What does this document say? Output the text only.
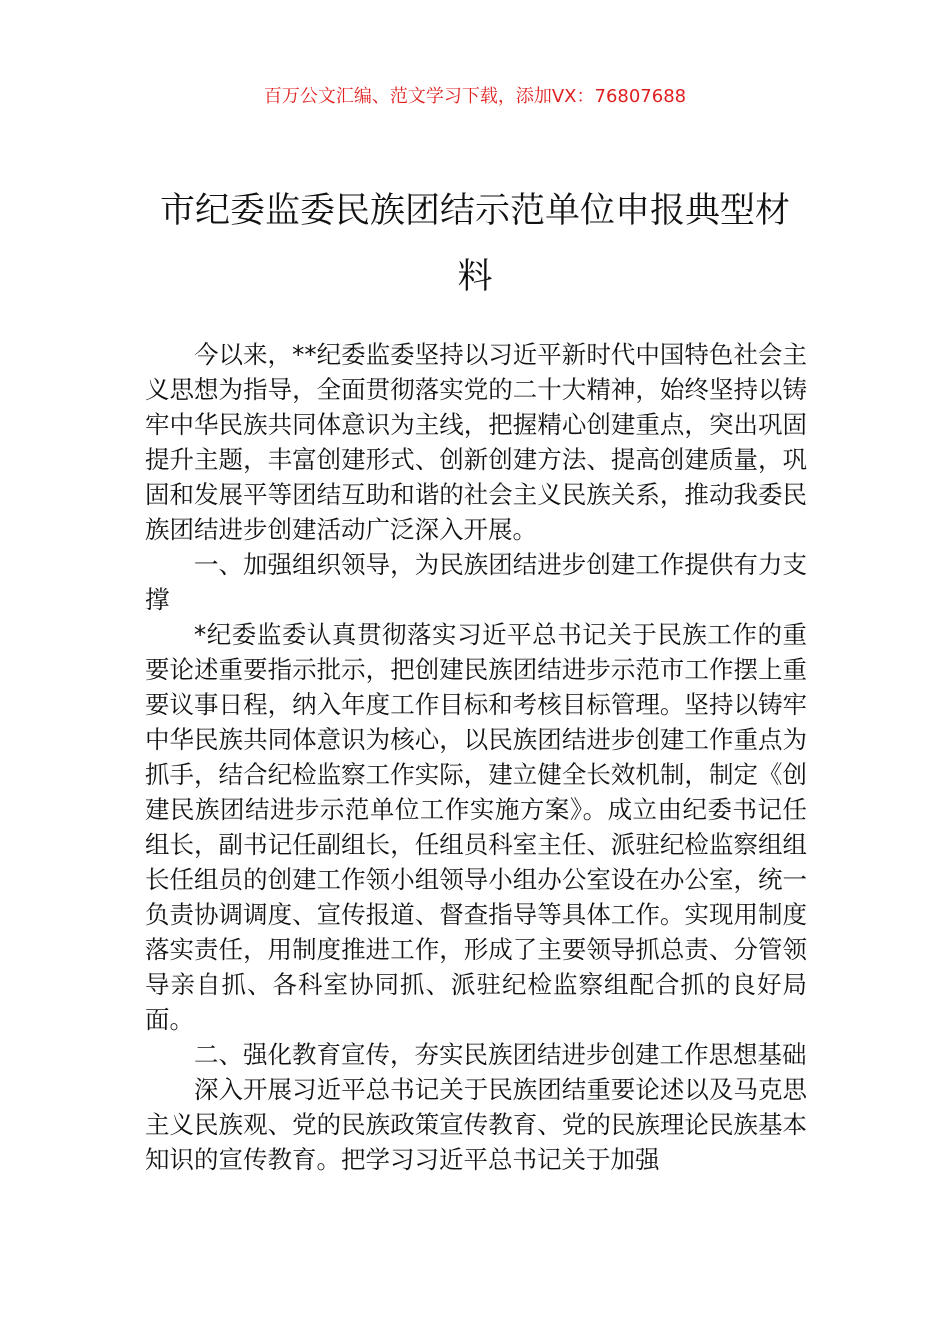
百万公文汇编、范文学习下载，添加VX：76807688
市纪委监委民族团结示范单位申报典型材料

今以来，**纪委监委坚持以习近平新时代中国特色社会主义思想为指导，全面贯彻落实党的二十大精神，始终坚持以铸牢中华民族共同体意识为主线，把握精心创建重点，突出巩固提升主题，丰富创建形式、创新创建方法、提高创建质量，巩固和发展平等团结互助和谐的社会主义民族关系，推动我委民族团结进步创建活动广泛深入开展。

一、加强组织领导，为民族团结进步创建工作提供有力支撑

*纪委监委认真贯彻落实习近平总书记关于民族工作的重要论述重要指示批示，把创建民族团结进步示范市工作摆上重要议事日程，纳入年度工作目标和考核目标管理。坚持以铸牢中华民族共同体意识为核心，以民族团结进步创建工作重点为抓手，结合纪检监察工作实际，建立健全长效机制，制定《创建民族团结进步示范单位工作实施方案》。成立由纪委书记任组长，副书记任副组长，任组员科室主任、派驻纪检监察组组长任组员的创建工作领小组领导小组办公室设在办公室，统一负责协调调度、宣传报道、督查指导等具体工作。实现用制度落实责任，用制度推进工作，形成了主要领导抓总责、分管领导亲自抓、各科室协同抓、派驻纪检监察组配合抓的良好局面。

二、强化教育宣传，夯实民族团结进步创建工作思想基础

深入开展习近平总书记关于民族团结重要论述以及马克思主义民族观、党的民族政策宣传教育、党的民族理论民族基本知识的宣传教育。把学习习近平总书记关于加强
